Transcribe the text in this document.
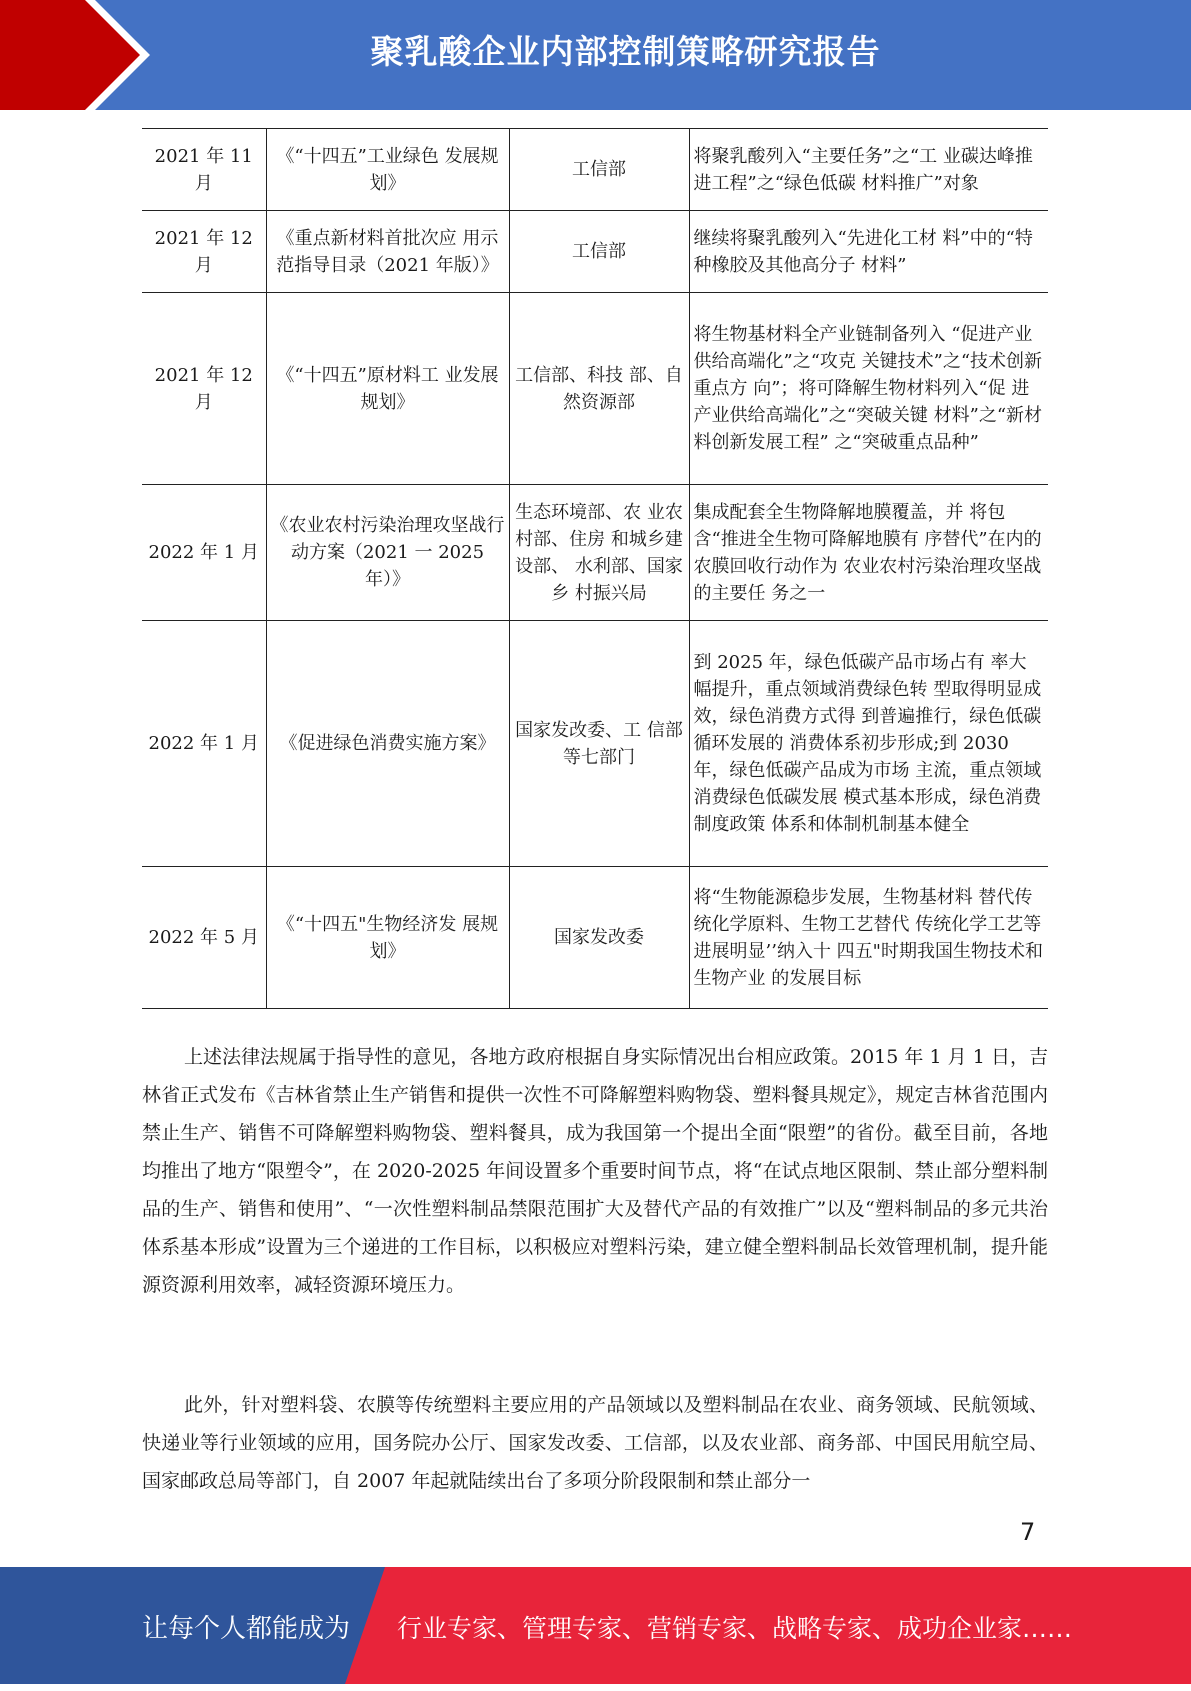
聚乳酸企业内部控制策略研究报告
2021 年 11 月	《“十四五”工业绿色 发展规划》	工信部	将聚乳酸列入“主要任务”之“工 业碳达峰推进工程”之“绿色低碳 材料推广”对象
2021 年 12 月	《重点新材料首批次应 用示范指导目录（2021 年版）》	工信部	继续将聚乳酸列入“先进化工材 料”中的“特种橡胶及其他高分子 材料”
2021 年 12 月	《“十四五”原材料工 业发展规划》	工信部、科技 部、自然资源部	将生物基材料全产业链制备列入 “促进产业供给高端化”之“攻克 关键技术”之“技术创新重点方 向”；将可降解生物材料列入“促 进产业供给高端化”之“突破关键 材料”之“新材料创新发展工程” 之“突破重点品种”
2022 年 1 月	《农业农村污染治理攻坚战行动方案（2021 一 2025 年）》	生态环境部、农 业农村部、住房 和城乡建设部、 水利部、国家乡 村振兴局	集成配套全生物降解地膜覆盖，并 将包含“推进全生物可降解地膜有 序替代”在内的农膜回收行动作为 农业农村污染治理攻坚战的主要任 务之一
2022 年 1 月	《促进绿色消费实施方案》	国家发改委、工 信部等七部门	到 2025 年，绿色低碳产品市场占有 率大幅提升，重点领域消费绿色转 型取得明显成效，绿色消费方式得 到普遍推行，绿色低碳循环发展的 消费体系初步形成;到 2030 年，绿色低碳产品成为市场 主流，重点领域消费绿色低碳发展 模式基本形成，绿色消费制度政策 体系和体制机制基本健全
2022 年 5 月	《“十四五"生物经济发 展规划》	国家发改委	将“生物能源稳步发展，生物基材料 替代传统化学原料、生物工艺替代 传统化学工艺等进展明显’’纳入十 四五"时期我国生物技术和生物产业 的发展目标

上述法律法规属于指导性的意见，各地方政府根据自身实际情况出台相应政策。2015 年 1 月 1 日，吉林省正式发布《吉林省禁止生产销售和提供一次性不可降解塑料购物袋、塑料餐具规定》，规定吉林省范围内禁止生产、销售不可降解塑料购物袋、塑料餐具，成为我国第一个提出全面“限塑”的省份。截至目前，各地均推出了地方“限塑令”，在 2020-2025 年间设置多个重要时间节点，将“在试点地区限制、禁止部分塑料制品的生产、销售和使用”、“一次性塑料制品禁限范围扩大及替代产品的有效推广”以及“塑料制品的多元共治体系基本形成”设置为三个递进的工作目标，以积极应对塑料污染，建立健全塑料制品长效管理机制，提升能源资源利用效率，减轻资源环境压力。

此外，针对塑料袋、农膜等传统塑料主要应用的产品领域以及塑料制品在农业、商务领域、民航领域、快递业等行业领域的应用，国务院办公厅、国家发改委、工信部，以及农业部、商务部、中国民用航空局、国家邮政总局等部门，自 2007 年起就陆续出台了多项分阶段限制和禁止部分一

7
让每个人都能成为 行业专家、管理专家、营销专家、战略专家、成功企业家……
